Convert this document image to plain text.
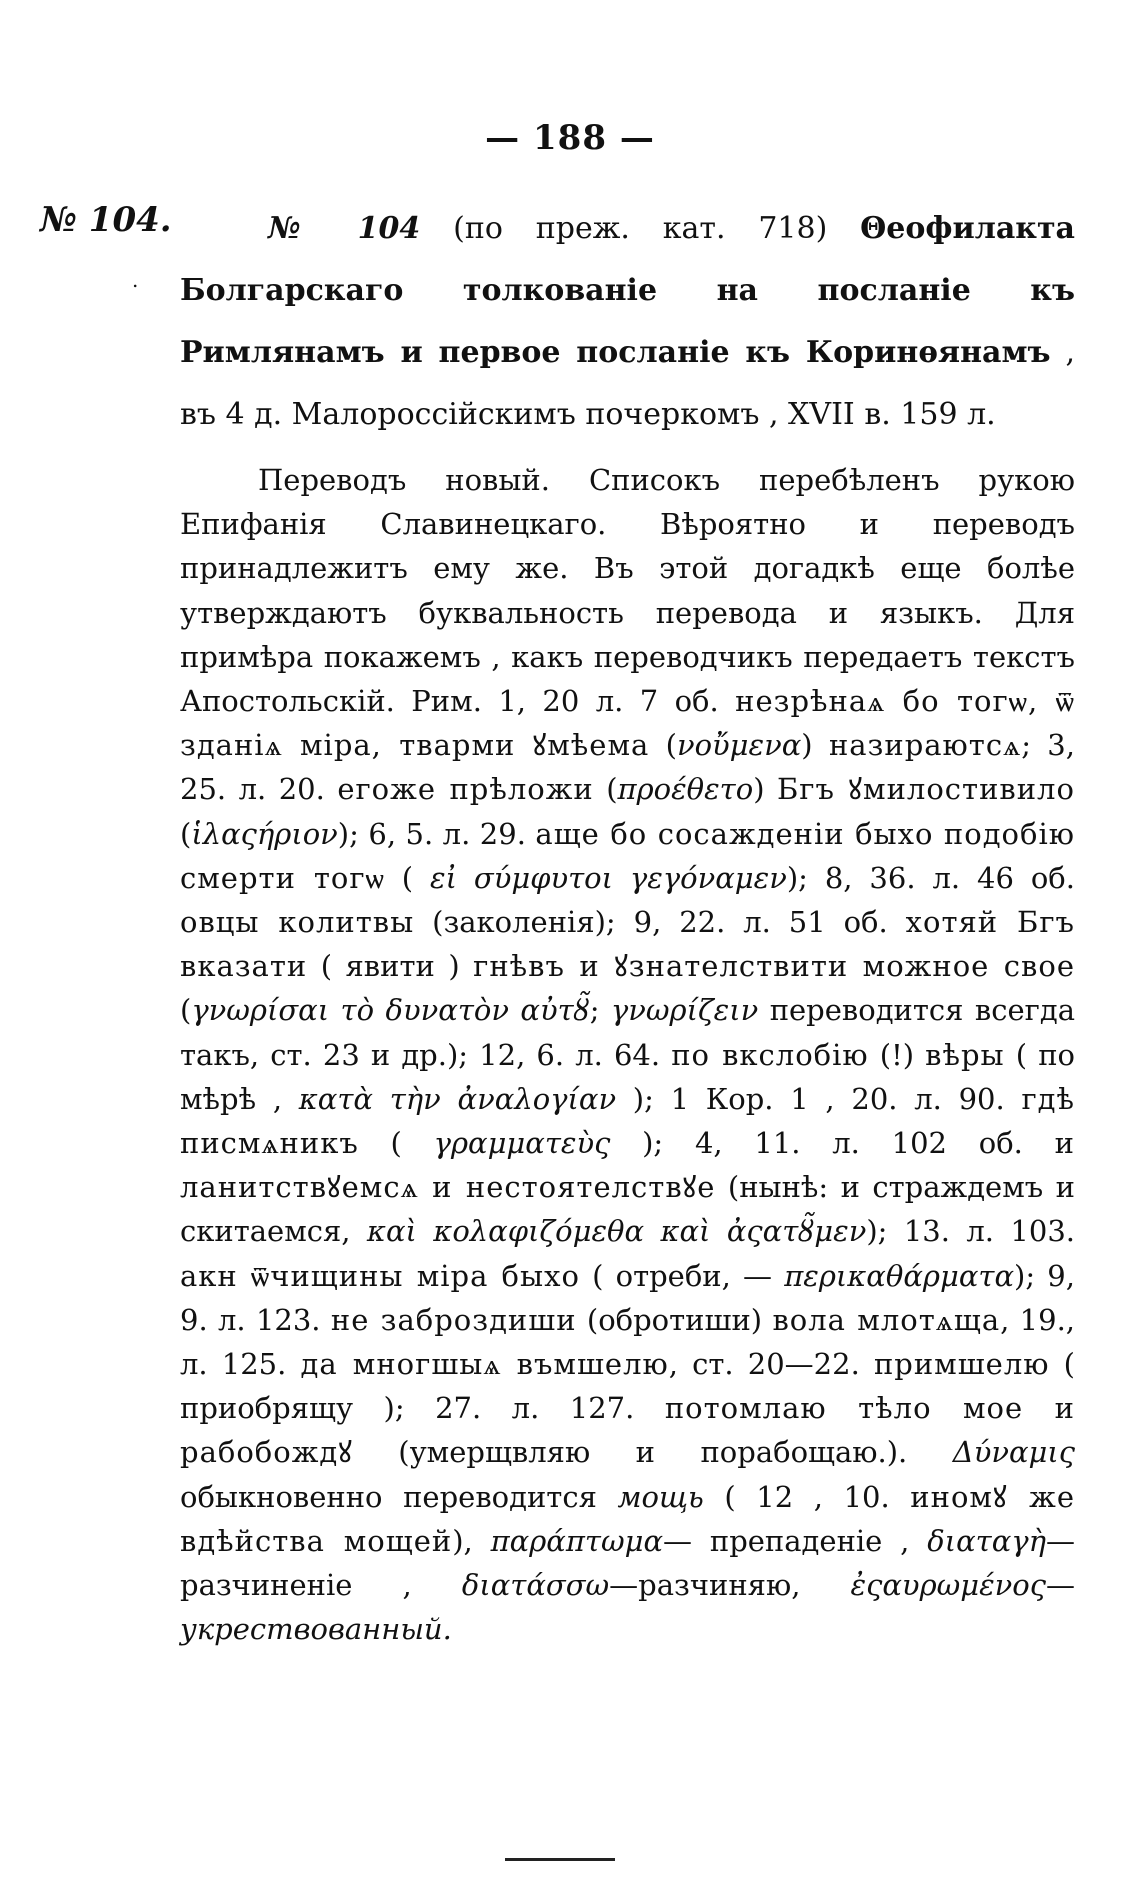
— 188 —
№ 104.
.
№ 104 (по преж. кат. 718) Θеофилакта Болгарскаго толкованіе на посланіе къ Римлянамъ и первое посланіе къ Коринѳянамъ , въ 4 д. Малороссійскимъ почеркомъ , XVII в. 159 л.
Переводъ новый. Списокъ перебѣленъ рукою Епифанія Славинецкаго. Вѣроятно и переводъ принадлежитъ ему же. Въ этой догадкѣ еще болѣе утверждаютъ буквальность перевода и языкъ. Для примѣра покажемъ , какъ переводчикъ передаетъ текстъ Апостольскій. Рим. 1, 20 л. 7 об. незрѣнаѧ бо тогѡ, ѿ зданіѧ міра, тварми ꙋмѣема (νοὔμενα) назираютсѧ; 3, 25. л. 20. егоже прѣложи (προέθετο) Бгъ ꙋмилостивило (ἱλαςήριον); 6, 5. л. 29. аще бо сосажденіи быхо подобію смерти тогѡ ( εἰ σύμφυτοι γεγόναμεν); 8, 36. л. 46 об. овцы колитвы (заколенія); 9, 22. л. 51 об. хотяй Бгъ вказати ( явити ) гнѣвъ и ꙋзнателствити можное свое (γνωρίσαι τὸ δυνατὸν αὐτȣ̃; γνωρίζειν переводится всегда такъ, ст. 23 и др.); 12, 6. л. 64. по вкслобію (!) вѣры ( по мѣрѣ , κατὰ τὴν ἀναλογίαν ); 1 Кор. 1 , 20. л. 90. гдѣ писмѧникъ ( γραμματεὺς ); 4, 11. л. 102 об. и ланитствꙋемсѧ и нестоятелствꙋе (нынѣ: и страждемъ и скитаемся, καὶ κολαφιζόμεθα καὶ ἀςατȣ̃μεν); 13. л. 103. акн ѿчищины міра быхо ( отреби, — περικαθάρματα); 9, 9. л. 123. не заброздиши (обротиши) вола млотѧща, 19., л. 125. да многшыѧ въмшелю, ст. 20—22. примшелю ( приобрящу ); 27. л. 127. потомлаю тѣло мое и рабобождꙋ (умерщвляю и порабощаю.). Δύναμις обыкновенно переводится мощь ( 12 , 10. иномꙋ же вдѣйства мощей), παράπτωμα— препаденіе , διαταγὴ—разчиненіе , διατάσσω—разчиняю, ἐςαυρωμένος—укрествованный.
